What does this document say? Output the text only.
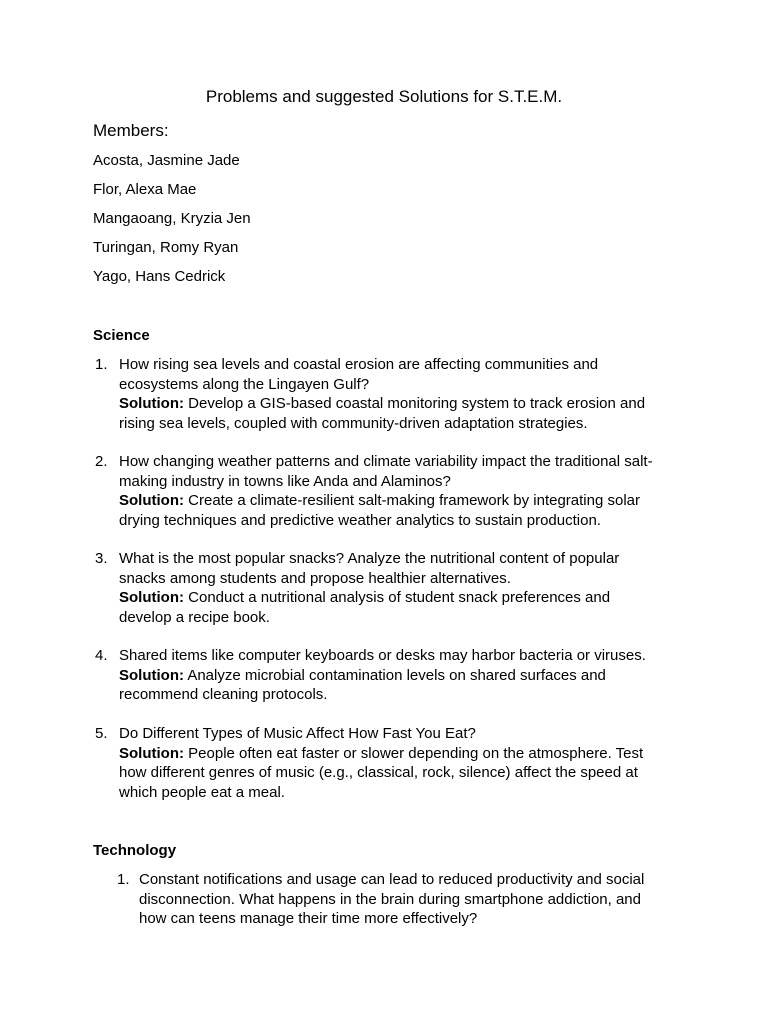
Problems and suggested Solutions for S.T.E.M.
Members:
Acosta, Jasmine Jade
Flor, Alexa Mae
Mangaoang, Kryzia Jen
Turingan, Romy Ryan
Yago, Hans Cedrick
Science
1. How rising sea levels and coastal erosion are affecting communities and
ecosystems along the Lingayen Gulf?
Solution: Develop a GIS-based coastal monitoring system to track erosion and
rising sea levels, coupled with community-driven adaptation strategies.
2. How changing weather patterns and climate variability impact the traditional salt-
making industry in towns like Anda and Alaminos?
Solution: Create a climate-resilient salt-making framework by integrating solar
drying techniques and predictive weather analytics to sustain production.
3. What is the most popular snacks? Analyze the nutritional content of popular
snacks among students and propose healthier alternatives.
Solution: Conduct a nutritional analysis of student snack preferences and
develop a recipe book.
4. Shared items like computer keyboards or desks may harbor bacteria or viruses.
Solution: Analyze microbial contamination levels on shared surfaces and
recommend cleaning protocols.
5. Do Different Types of Music Affect How Fast You Eat?
Solution: People often eat faster or slower depending on the atmosphere. Test
how different genres of music (e.g., classical, rock, silence) affect the speed at
which people eat a meal.
Technology
1. Constant notifications and usage can lead to reduced productivity and social
disconnection. What happens in the brain during smartphone addiction, and
how can teens manage their time more effectively?
